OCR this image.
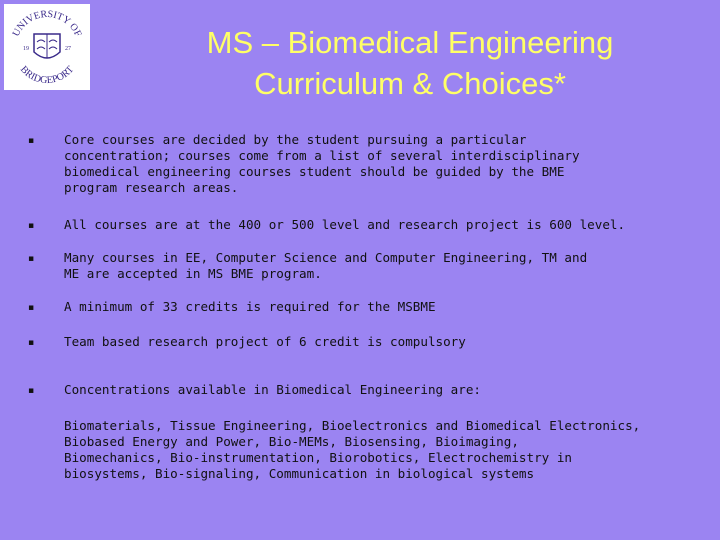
UNIVERSITY OF
BRIDGEPORT
19	27	MS – Biomedical Engineering
Curriculum & Choices*
▪ Core courses are decided by the student pursuing a particular
concentration; courses come from a list of several interdisciplinary
biomedical engineering courses student should be guided by the BME
program research areas.
▪ All courses are at the 400 or 500 level and research project is 600 level.
▪ Many courses in EE, Computer Science and Computer Engineering, TM and
ME are accepted in MS BME program.
▪ A minimum of 33 credits is required for the MSBME
▪ Team based research project of 6 credit is compulsory
▪ Concentrations available in Biomedical Engineering are:
Biomaterials, Tissue Engineering, Bioelectronics and Biomedical Electronics,
Biobased Energy and Power, Bio-MEMs, Biosensing, Bioimaging,
Biomechanics, Bio-instrumentation, Biorobotics, Electrochemistry in
biosystems, Bio-signaling, Communication in biological systems
